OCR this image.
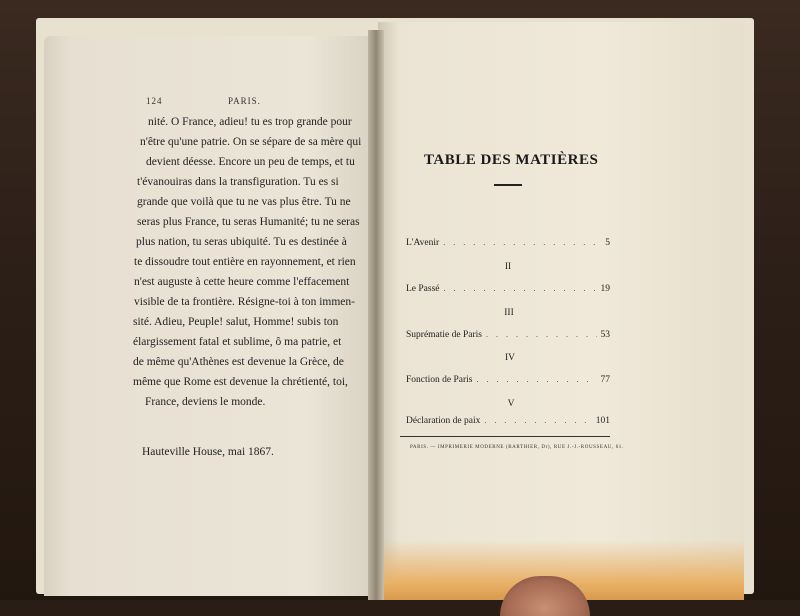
124	PARIS.
nité. O France, adieu! tu es trop grande pour
n'être qu'une patrie. On se sépare de sa mère qui
devient déesse. Encore un peu de temps, et tu
t'évanouiras dans la transfiguration. Tu es si
grande que voilà que tu ne vas plus être. Tu ne
seras plus France, tu seras Humanité; tu ne seras
plus nation, tu seras ubiquité. Tu es destinée à
te dissoudre tout entière en rayonnement, et rien
n'est auguste à cette heure comme l'effacement
visible de ta frontière. Résigne-toi à ton immen-
sité. Adieu, Peuple! salut, Homme! subis ton
élargissement fatal et sublime, ô ma patrie, et
de même qu'Athènes est devenue la Grèce, de
même que Rome est devenue la chrétienté, toi,
France, deviens le monde.
Hauteville House, mai 1867.
TABLE DES MATIÈRES
L'Avenir . . .	5
II
Le Passé . . .	19
III
Suprématie de Paris . . .	53
IV
Fonction de Paris . . .	77
V
Déclaration de paix . . .	101
PARIS. — IMPRIMERIE MODERNE (BARTHIER, Dr), RUE J.-J.-ROUSSEAU, 61.
